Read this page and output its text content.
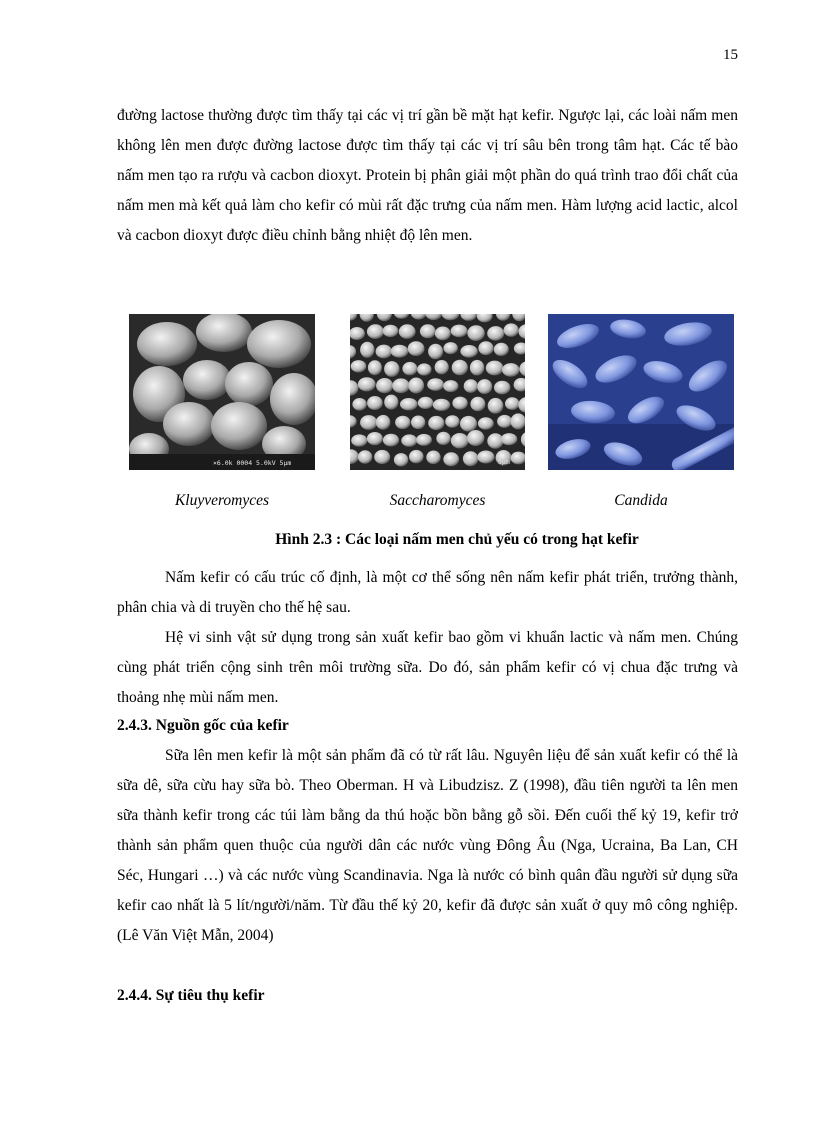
15

đường lactose thường được tìm thấy tại các vị trí gần bề mặt hạt kefir. Ngược lại, các loài nấm men không lên men được đường lactose được tìm thấy tại các vị trí sâu bên trong tâm hạt. Các tế bào nấm men tạo ra rượu và cacbon dioxyt. Protein bị phân giải một phần do quá trình trao đổi chất của nấm men mà kết quả làm cho kefir có mùi rất đặc trưng của nấm men. Hàm lượng acid lactic, alcol và cacbon dioxyt được điều chỉnh bằng nhiệt độ lên men.

×6.0k 0004 5.0kV 5µm	5µm
Kluyveromyces	Saccharomyces	Candida
Hình 2.3 : Các loại nấm men chủ yếu có trong hạt kefir

Nấm kefir có cấu trúc cố định, là một cơ thể sống nên nấm kefir phát triển, trưởng thành, phân chia và di truyền cho thế hệ sau.

Hệ vi sinh vật sử dụng trong sản xuất kefir bao gồm vi khuẩn lactic và nấm men. Chúng cùng phát triển cộng sinh trên môi trường sữa. Do đó, sản phẩm kefir có vị chua đặc trưng và thoảng nhẹ mùi nấm men.

2.4.3. Nguồn gốc của kefir

Sữa lên men kefir là một sản phẩm đã có từ rất lâu. Nguyên liệu để sản xuất kefir có thể là sữa dê, sữa cừu hay sữa bò. Theo Oberman. H và Libudzisz. Z (1998), đầu tiên người ta lên men sữa thành kefir trong các túi làm bằng da thú hoặc bồn bằng gỗ sồi. Đến cuối thế kỷ 19, kefir trở thành sản phẩm quen thuộc của người dân các nước vùng Đông Âu (Nga, Ucraina, Ba Lan, CH Séc, Hungari …) và các nước vùng Scandinavia. Nga là nước có bình quân đầu người sử dụng sữa kefir cao nhất là 5 lít/người/năm. Từ đầu thế kỷ 20, kefir đã được sản xuất ở quy mô công nghiệp.(Lê Văn Việt Mẫn, 2004)

2.4.4. Sự tiêu thụ kefir
